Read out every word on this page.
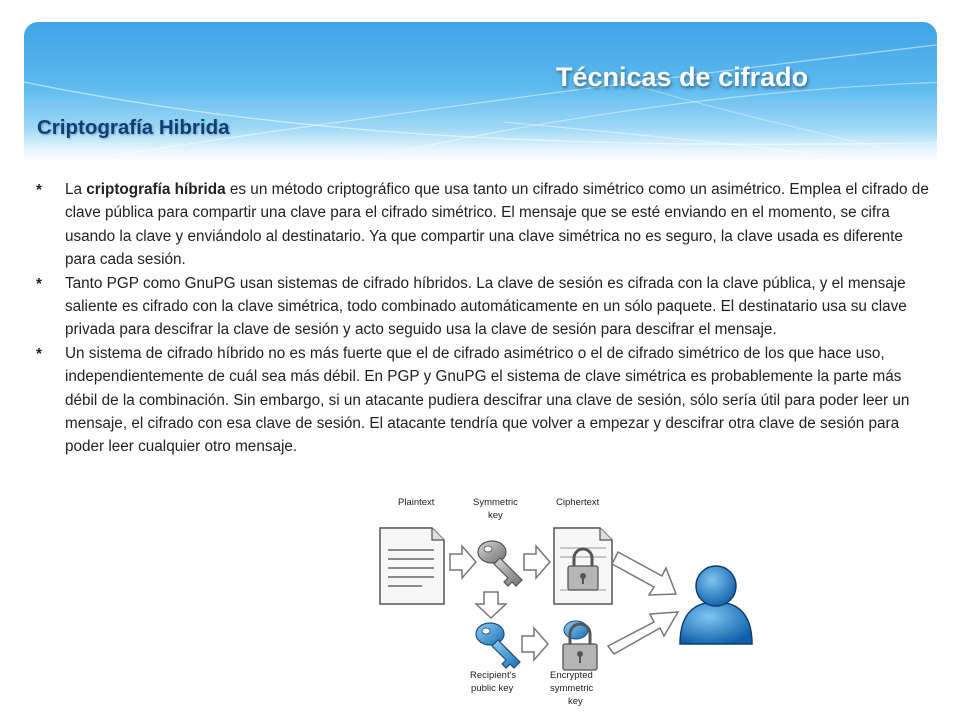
Técnicas de cifrado
Criptografía Hibrida
* La criptografía híbrida es un método criptográfico que usa tanto un cifrado simétrico como un asimétrico. Emplea el cifrado de clave pública para compartir una clave para el cifrado simétrico. El mensaje que se esté enviando en el momento, se cifra usando la clave y enviándolo al destinatario. Ya que compartir una clave simétrica no es seguro, la clave usada es diferente para cada sesión.
* Tanto PGP como GnuPG usan sistemas de cifrado híbridos. La clave de sesión es cifrada con la clave pública, y el mensaje saliente es cifrado con la clave simétrica, todo combinado automáticamente en un sólo paquete. El destinatario usa su clave privada para descifrar la clave de sesión y acto seguido usa la clave de sesión para descifrar el mensaje.
* Un sistema de cifrado híbrido no es más fuerte que el de cifrado asimétrico o el de cifrado simétrico de los que hace uso, independientemente de cuál sea más débil. En PGP y GnuPG el sistema de clave simétrica es probablemente la parte más débil de la combinación. Sin embargo, si un atacante pudiera descifrar una clave de sesión, sólo sería útil para poder leer un mensaje, el cifrado con esa clave de sesión. El atacante tendría que volver a empezar y descifrar otra clave de sesión para poder leer cualquier otro mensaje.
Plaintext	Symmetric
key
Ciphertext
Recipient's
public key
Encrypted
symmetric
key
